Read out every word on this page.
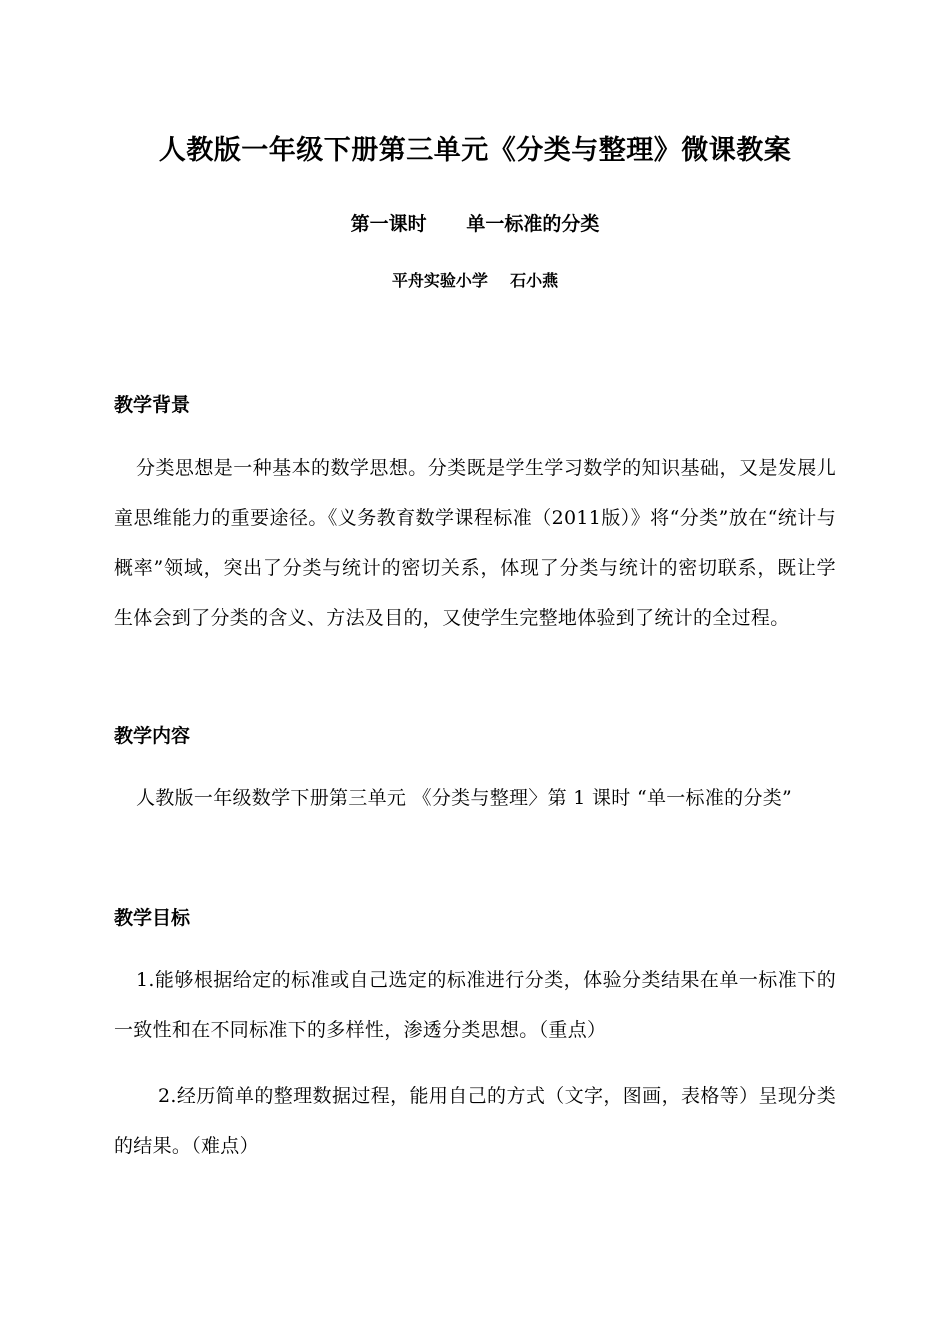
人教版一年级下册第三单元《分类与整理》微课教案
第一课时      单一标准的分类
平舟实验小学    石小燕
教学背景
分类思想是一种基本的数学思想。分类既是学生学习数学的知识基础，又是发展儿童思维能力的重要途径。《义务教育数学课程标准（2011版）》将“分类”放在“统计与概率”领域，突出了分类与统计的密切关系，体现了分类与统计的密切联系，既让学生体会到了分类的含义、方法及目的，又使学生完整地体验到了统计的全过程。
教学内容
人教版一年级数学下册第三单元 《分类与整理〉第 1 课时 “单一标准的分类”
教学目标
1.能够根据给定的标准或自己选定的标准进行分类，体验分类结果在单一标准下的一致性和在不同标准下的多样性，渗透分类思想。（重点）
2.经历简单的整理数据过程，能用自己的方式（文字，图画，表格等）呈现分类的结果。（难点）
